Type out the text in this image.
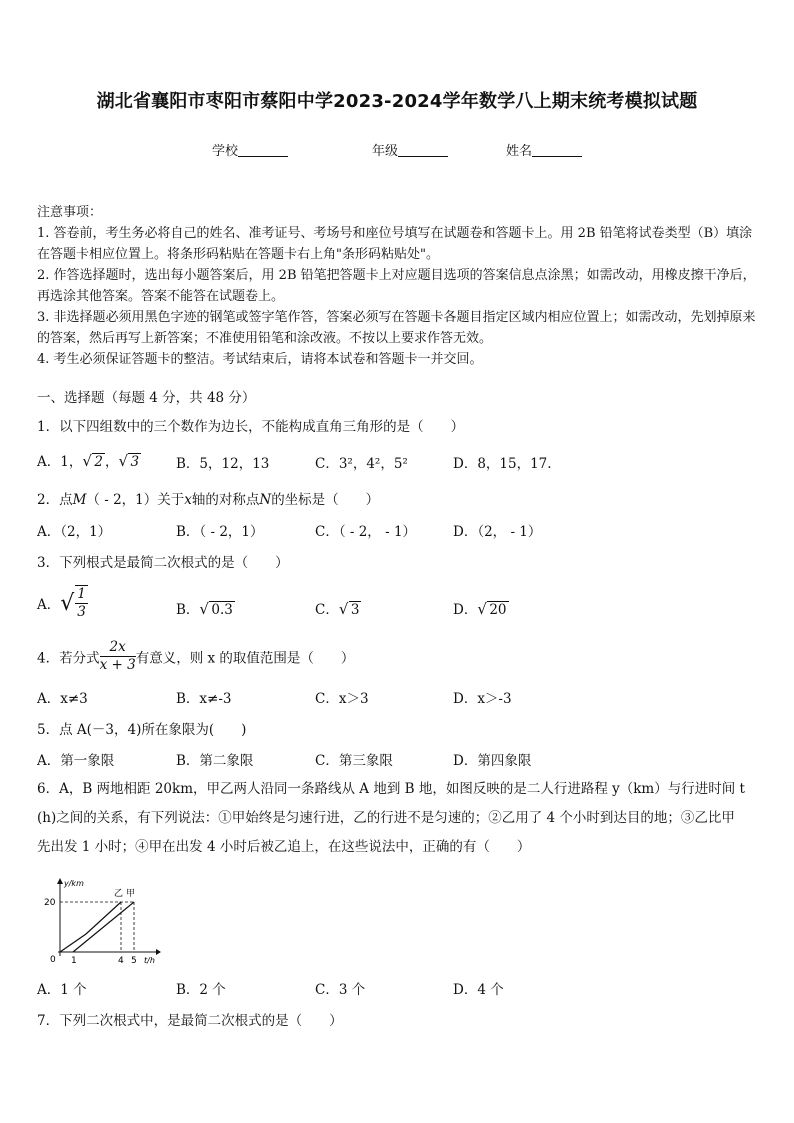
湖北省襄阳市枣阳市蔡阳中学2023-2024学年数学八上期末统考模拟试题
学校	年级	姓名

注意事项：

1. 答卷前，考生务必将自己的姓名、准考证号、考场号和座位号填写在试题卷和答题卡上。用 2B 铅笔将试卷类型（B）填涂在答题卡相应位置上。将条形码粘贴在答题卡右上角"条形码粘贴处"。

2. 作答选择题时，选出每小题答案后，用 2B 铅笔把答题卡上对应题目选项的答案信息点涂黑；如需改动，用橡皮擦干净后，再选涂其他答案。答案不能答在试题卷上。

3. 非选择题必须用黑色字迹的钢笔或签字笔作答，答案必须写在答题卡各题目指定区域内相应位置上；如需改动，先划掉原来的答案，然后再写上新答案；不准使用铅笔和涂改液。不按以上要求作答无效。

4. 考生必须保证答题卡的整洁。考试结束后，请将本试卷和答题卡一并交回。

一、选择题（每题 4 分，共 48 分）
1．以下四组数中的三个数作为边长，不能构成直角三角形的是（　　）
A．1， √ 2 ， √ 3	B．5，12，13	C．3²，4²，5²	D．8，15，17.
2．点M（ - 2，1）关于x轴的对称点N的坐标是（　　）
A．（2，1）	B．（ - 2，1）	C．（ - 2， - 1）	D．（2， - 1）
3．下列根式是最简二次根式的是（　　）
A．√ $\frac{1}{3}$	B． √ 0.3	C． √ 3	D． √ 20
4．若分式 $\frac{2x}{x + 3}$ 有意义，则 x 的取值范围是（　　）
A．x≠3	B．x≠-3	C．x＞3	D．x＞-3
5．点 A(－3，4)所在象限为(　　)
A．第一象限	B．第二象限	C．第三象限	D．第四象限
6．A，B 两地相距 20km，甲乙两人沿同一条路线从 A 地到 B 地，如图反映的是二人行进路程 y（km）与行进时间 t
(h)之间的关系，有下列说法：①甲始终是匀速行进，乙的行进不是匀速的；②乙用了 4 个小时到达目的地；③乙比甲
先出发 1 小时；④甲在出发 4 小时后被乙追上，在这些说法中，正确的有（　　）
y/km
t/h
0
20
1	4 5
乙 甲
A．1 个	B．2 个	C．3 个	D．4 个
7．下列二次根式中，是最简二次根式的是（　　）
